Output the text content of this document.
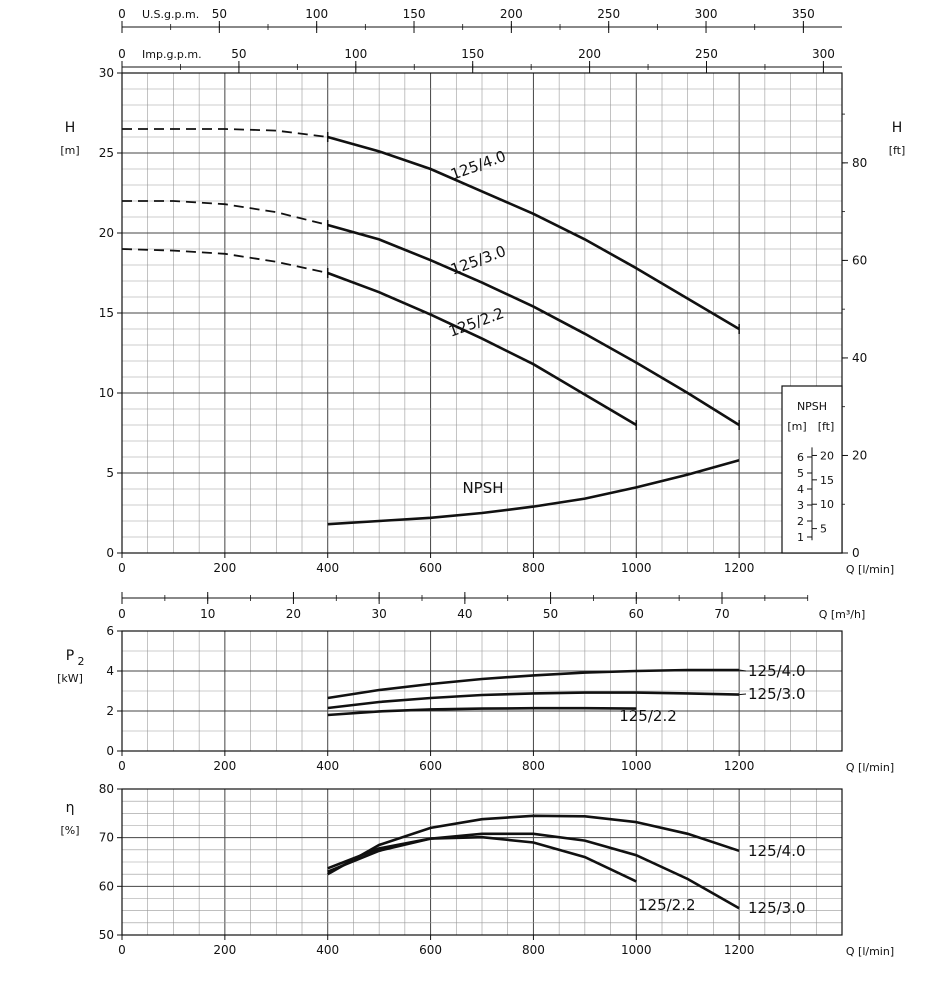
0
5
10
15
20
25
30
0	200	400	600	800	1000	1200	Q [l/min]
H
[m]
0
2
4
6
0	200	400	600	800	1000	1200	Q [l/min]
P 2
[kW]
50
60
70
80
0	200	400	600	800	1000	1200	Q [l/min]
η
[%]
0
20
40
60
80
H
[ft]
0	50	100	150	200	250	300	350
U.S.g.p.m.
0	50	100	150	200	250	300
Imp.g.p.m.
0	10	20	30	40	50	60	70	Q [m³/h]
125/4.0
125/3.0
125/2.2
NPSH
NPSH
[m] [ft]
1
2
3
4
5
6
5
10
15
20
125/4.0
125/3.0
125/2.2
125/4.0
125/3.0
125/2.2
